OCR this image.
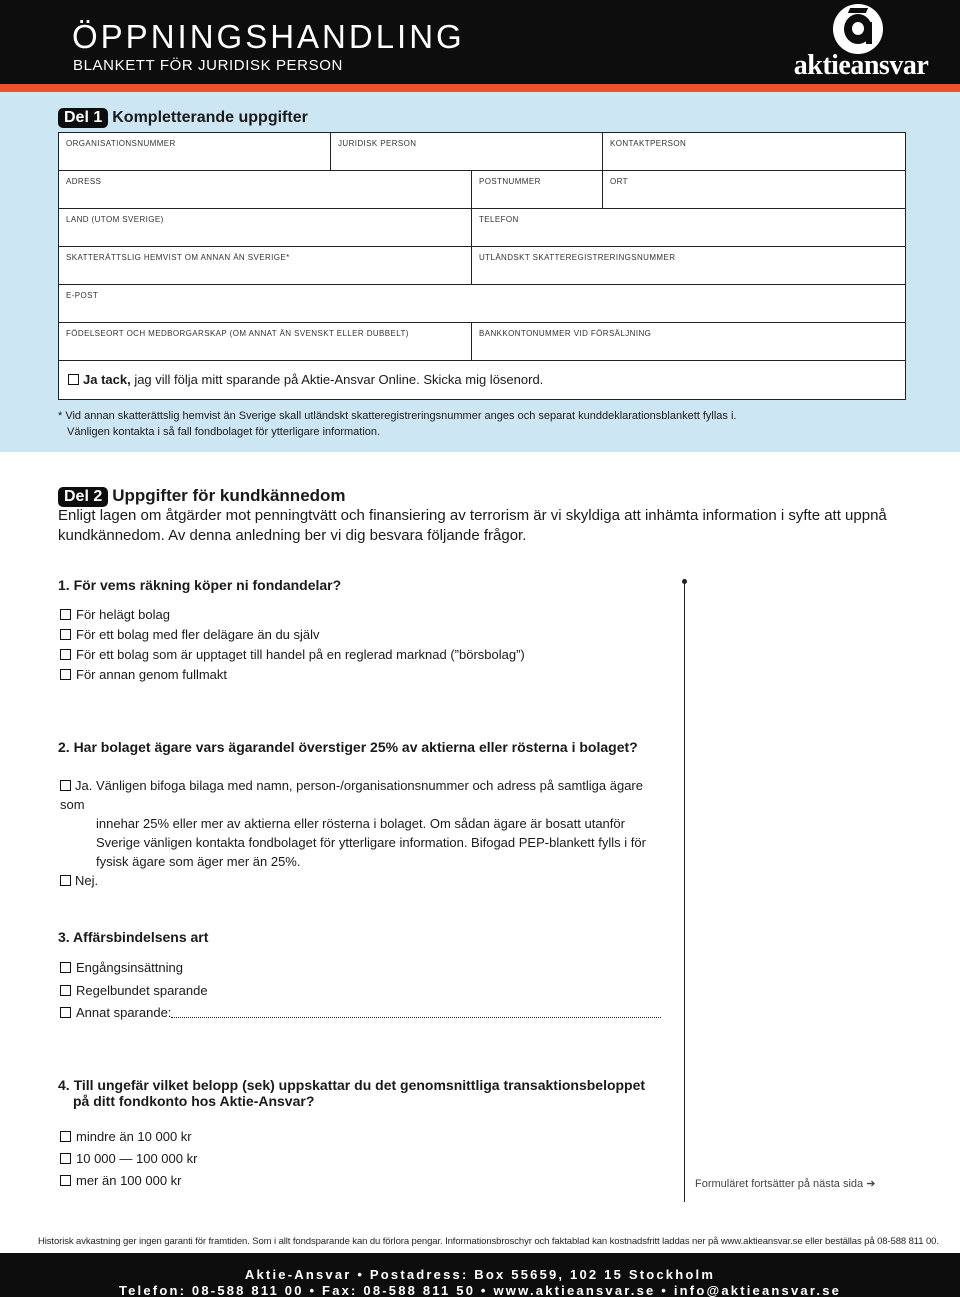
ÖPPNINGSHANDLING
BLANKETT FÖR JURIDISK PERSON	aktieansvar
Del 1 Kompletterande uppgifter
ORGANISATIONSNUMMER	JURIDISK PERSON	KONTAKTPERSON
ADRESS	POSTNUMMER	ORT
LAND (UTOM SVERIGE)	TELEFON
SKATTERÄTTSLIG HEMVIST OM ANNAN ÄN SVERIGE*	UTLÄNDSKT SKATTEREGISTRERINGSNUMMER
E-POST
FÖDELSEORT OCH MEDBORGARSKAP (OM ANNAT ÄN SVENSKT ELLER DUBBELT)	BANKKONTONUMMER VID FÖRSÄLJNING
Ja tack, jag vill följa mitt sparande på Aktie-Ansvar Online. Skicka mig lösenord.
* Vid annan skatterättslig hemvist än Sverige skall utländskt skatteregistreringsnummer anges och separat kunddeklarationsblankett fyllas i.
Vänligen kontakta i så fall fondbolaget för ytterligare information.
Del 2 Uppgifter för kundkännedom
Enligt lagen om åtgärder mot penningtvätt och finansiering av terrorism är vi skyldiga att inhämta information i syfte att uppnå kundkännedom. Av denna anledning ber vi dig besvara följande frågor.
1. För vems räkning köper ni fondandelar?
För helägt bolag
För ett bolag med fler delägare än du själv
För ett bolag som är upptaget till handel på en reglerad marknad (”börsbolag”)
För annan genom fullmakt
2. Har bolaget ägare vars ägarandel överstiger 25% av aktierna eller rösterna i bolaget?
Ja. Vänligen bifoga bilaga med namn, person-/organisationsnummer och adress på samtliga ägare som
innehar 25% eller mer av aktierna eller rösterna i bolaget. Om sådan ägare är bosatt utanför Sverige vänligen kontakta fondbolaget för ytterligare information. Bifogad PEP-blankett fylls i för fysisk ägare som äger mer än 25%.
Nej.
3. Affärsbindelsens art
Engångsinsättning
Regelbundet sparande
Annat sparande:
4. Till ungefär vilket belopp (sek) uppskattar du det genomsnittliga transaktionsbeloppet
på ditt fondkonto hos Aktie-Ansvar?
mindre än 10 000 kr
10 000 — 100 000 kr
mer än 100 000 kr	Formuläret fortsätter på nästa sida ➔
Historisk avkastning ger ingen garanti för framtiden. Som i allt fondsparande kan du förlora pengar. Informationsbroschyr och faktablad kan kostnadsfritt laddas ner på www.aktieansvar.se eller beställas på 08-588 811 00.
Aktie-Ansvar • Postadress: Box 55659, 102 15 Stockholm
Telefon: 08-588 811 00 • Fax: 08-588 811 50 • www.aktieansvar.se • info@aktieansvar.se
